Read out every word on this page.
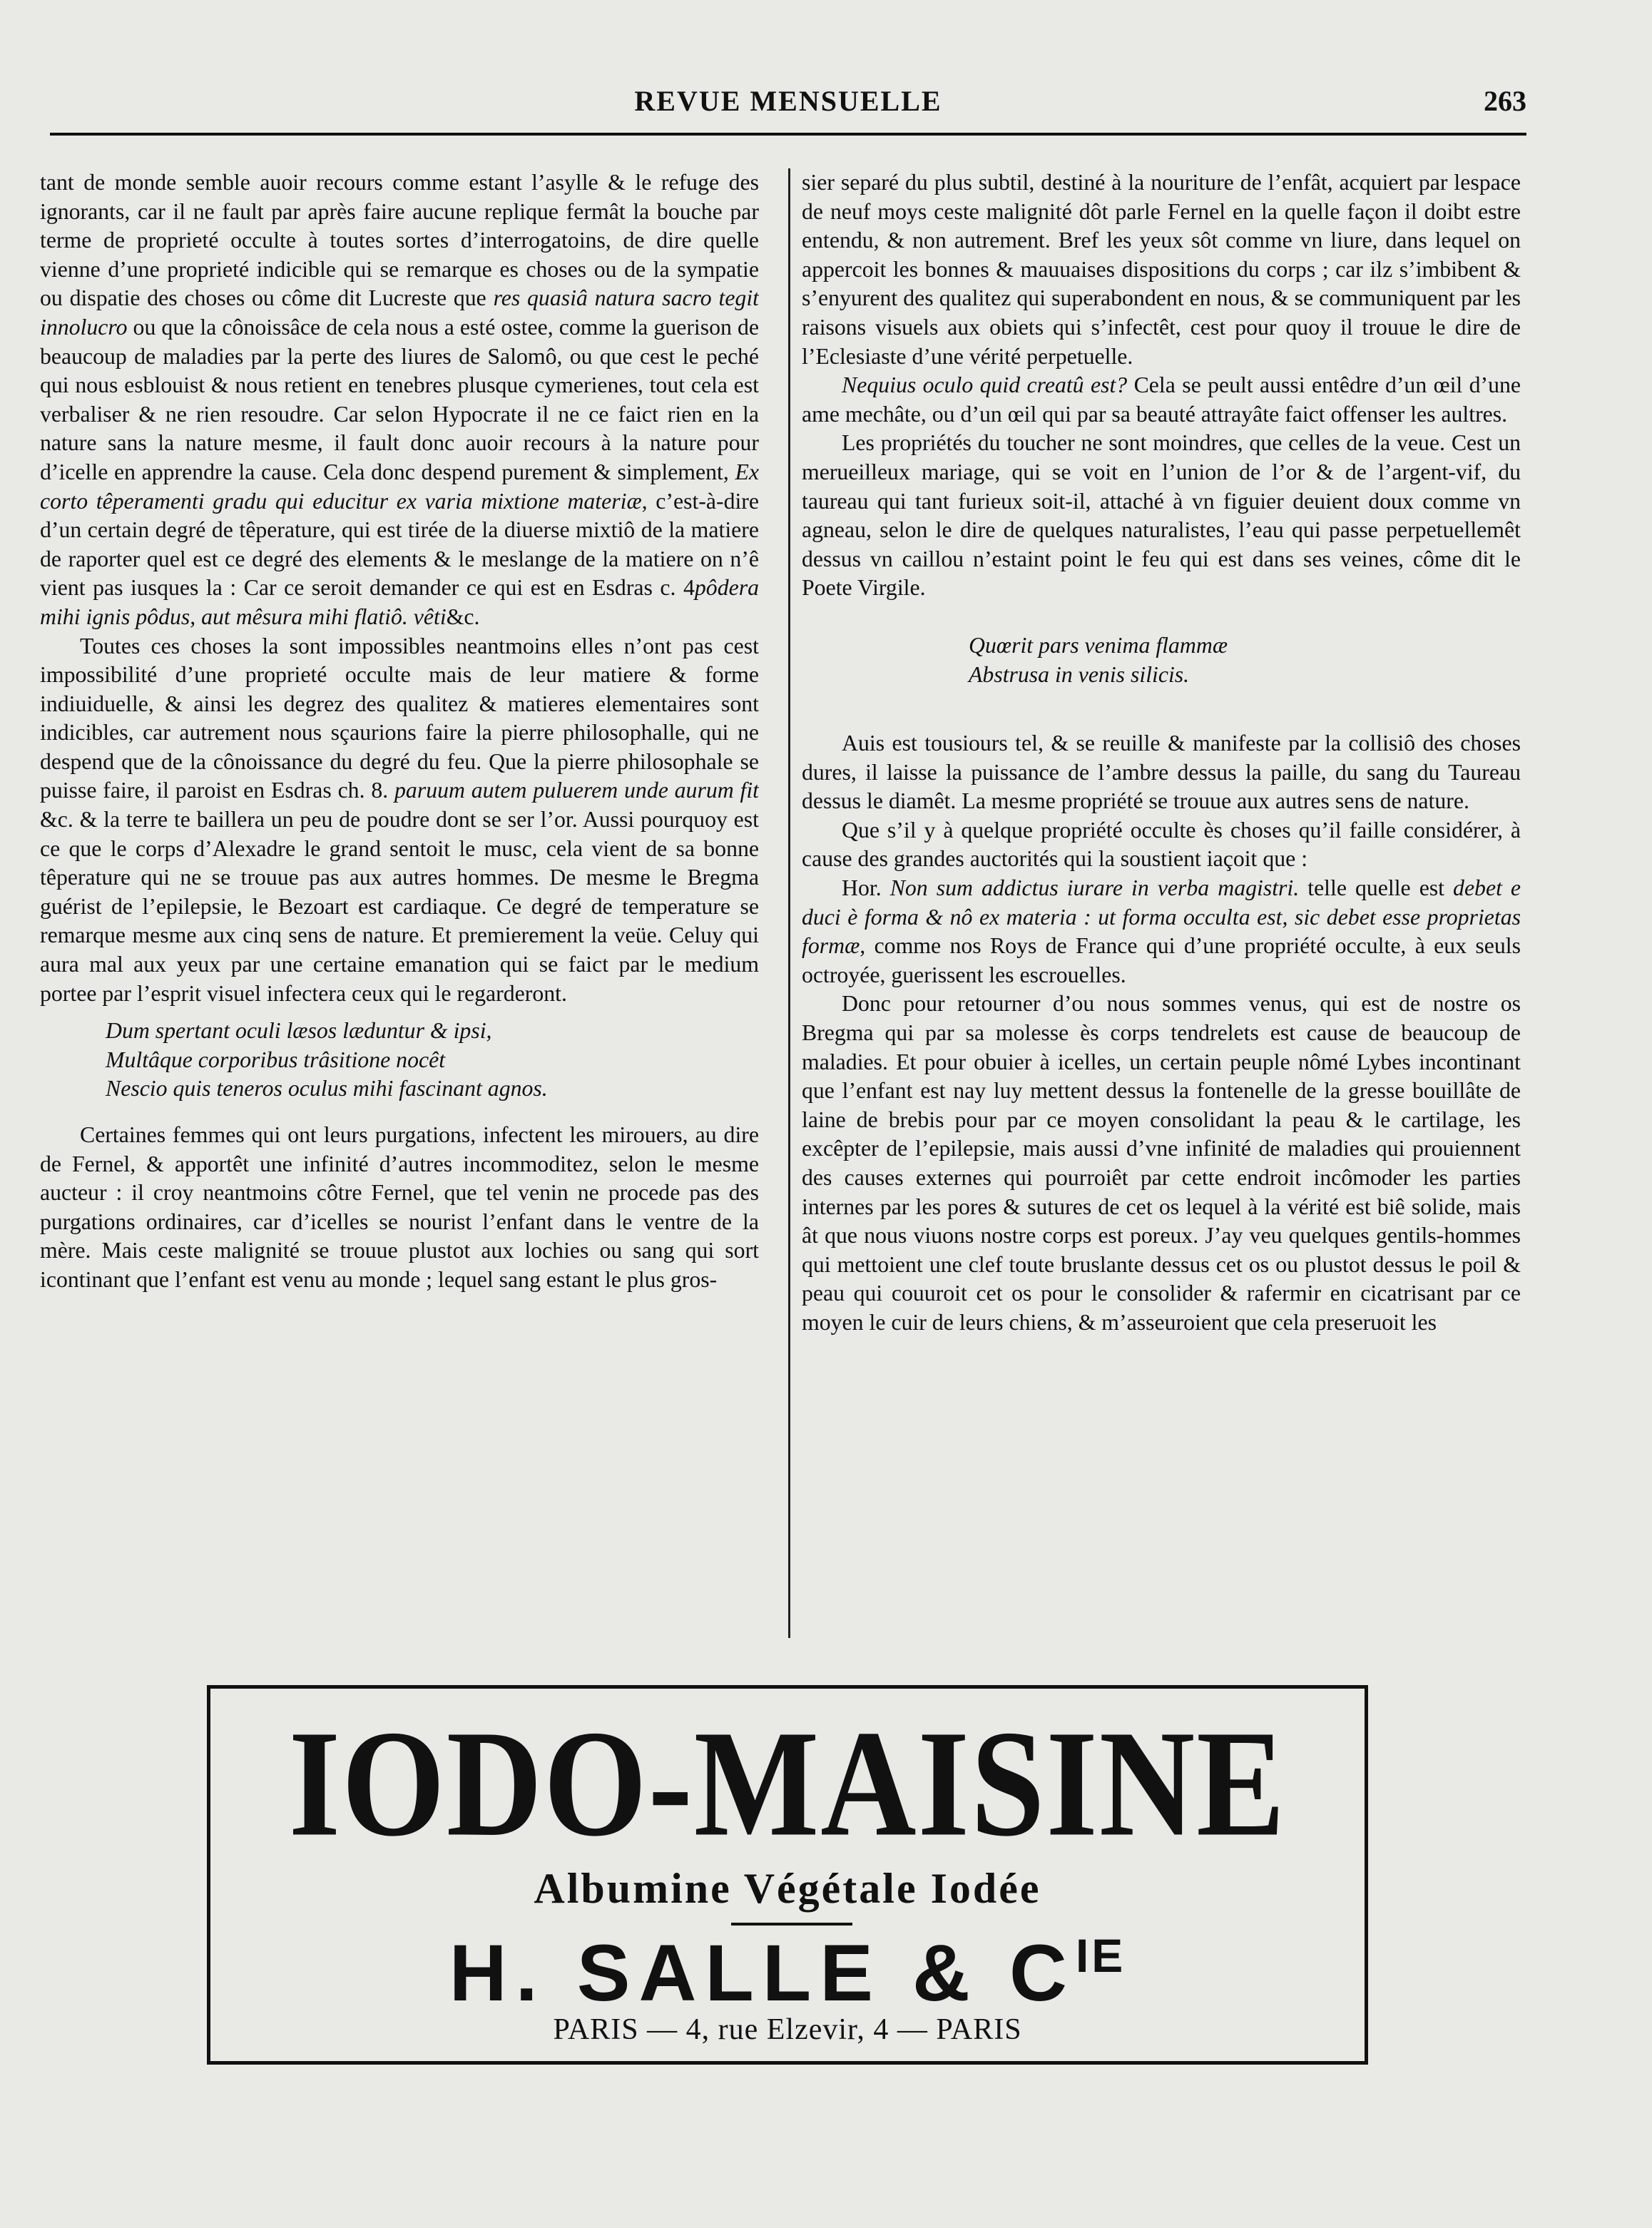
REVUE MENSUELLE	263

tant de monde semble auoir recours comme estant l’asylle & le refuge des ignorants, car il ne fault par après faire aucune replique fermât la bouche par terme de proprieté occulte à toutes sortes d’interrogatoins, de dire quelle vienne d’une proprieté indicible qui se remarque es choses ou de la sympatie ou dispatie des choses ou côme dit Lucreste que res quasiâ natura sacro tegit innolucro ou que la cônoissâce de cela nous a esté ostee, comme la guerison de beaucoup de maladies par la perte des liures de Salomô, ou que cest le peché qui nous esblouist & nous retient en tenebres plusque cymerienes, tout cela est verbaliser & ne rien resoudre. Car selon Hypocrate il ne ce faict rien en la nature sans la nature mesme, il fault donc auoir recours à la nature pour d’icelle en apprendre la cause. Cela donc despend purement & simplement, Ex corto têperamenti gradu qui educitur ex varia mixtione materiæ, c’est-à-dire d’un certain degré de têperature, qui est tirée de la diuerse mixtiô de la matiere de raporter quel est ce degré des elements & le meslange de la matiere on n’ê vient pas iusques la : Car ce seroit demander ce qui est en Esdras c. 4pôdera mihi ignis pôdus, aut mêsura mihi flatiô. vêti&c.

Toutes ces choses la sont impossibles neantmoins elles n’ont pas cest impossibilité d’une proprieté occulte mais de leur matiere & forme indiuiduelle, & ainsi les degrez des qualitez & matieres elementaires sont indicibles, car autrement nous sçaurions faire la pierre philosophalle, qui ne despend que de la cônoissance du degré du feu. Que la pierre philosophale se puisse faire, il paroist en Esdras ch. 8. paruum autem puluerem unde aurum fit &c. & la terre te baillera un peu de poudre dont se ser l’or. Aussi pourquoy est ce que le corps d’Alexadre le grand sentoit le musc, cela vient de sa bonne têperature qui ne se trouue pas aux autres hommes. De mesme le Bregma guérist de l’epilepsie, le Bezoart est cardiaque. Ce degré de temperature se remarque mesme aux cinq sens de nature. Et premierement la veüe. Celuy qui aura mal aux yeux par une certaine emanation qui se faict par le medium portee par l’esprit visuel infectera ceux qui le regarderont.

Dum spertant oculi læsos læduntur & ipsi,
Multâque corporibus trâsitione nocêt
Nescio quis teneros oculus mihi fascinant agnos.

Certaines femmes qui ont leurs purgations, infectent les mirouers, au dire de Fernel, & apportêt une infinité d’autres incommoditez, selon le mesme aucteur : il croy neantmoins côtre Fernel, que tel venin ne procede pas des purgations ordinaires, car d’icelles se nourist l’enfant dans le ventre de la mère. Mais ceste malignité se trouue plustot aux lochies ou sang qui sort icontinant que l’enfant est venu au monde ; lequel sang estant le plus gros-

sier separé du plus subtil, destiné à la nouriture de l’enfât, acquiert par lespace de neuf moys ceste malignité dôt parle Fernel en la quelle façon il doibt estre entendu, & non autrement. Bref les yeux sôt comme vn liure, dans lequel on appercoit les bonnes & mauuaises dispositions du corps ; car ilz s’imbibent & s’enyurent des qualitez qui superabondent en nous, & se communiquent par les raisons visuels aux obiets qui s’infectêt, cest pour quoy il trouue le dire de l’Eclesiaste d’une vérité perpetuelle.

Nequius oculo quid creatû est? Cela se peult aussi entêdre d’un œil d’une ame mechâte, ou d’un œil qui par sa beauté attrayâte faict offenser les aultres.

Les propriétés du toucher ne sont moindres, que celles de la veue. Cest un merueilleux mariage, qui se voit en l’union de l’or & de l’argent-vif, du taureau qui tant furieux soit-il, attaché à vn figuier deuient doux comme vn agneau, selon le dire de quelques naturalistes, l’eau qui passe perpetuellemêt dessus vn caillou n’estaint point le feu qui est dans ses veines, côme dit le Poete Virgile.

Quœrit pars venima flammæ
Abstrusa in venis silicis.

Auis est tousiours tel, & se reuille & manifeste par la collisiô des choses dures, il laisse la puissance de l’ambre dessus la paille, du sang du Taureau dessus le diamêt. La mesme propriété se trouue aux autres sens de nature.

Que s’il y à quelque propriété occulte ès choses qu’il faille considérer, à cause des grandes auctorités qui la soustient iaçoit que :

Hor. Non sum addictus iurare in verba magistri. telle quelle est debet e duci è forma & nô ex materia : ut forma occulta est, sic debet esse proprietas formæ, comme nos Roys de France qui d’une propriété occulte, à eux seuls octroyée, guerissent les escrouelles.

Donc pour retourner d’ou nous sommes venus, qui est de nostre os Bregma qui par sa molesse ès corps tendrelets est cause de beaucoup de maladies. Et pour obuier à icelles, un certain peuple nômé Lybes incontinant que l’enfant est nay luy mettent dessus la fontenelle de la gresse bouillâte de laine de brebis pour par ce moyen consolidant la peau & le cartilage, les excêpter de l’epilepsie, mais aussi d’vne infinité de maladies qui prouiennent des causes externes qui pourroiêt par cette endroit incômoder les parties internes par les pores & sutures de cet os lequel à la vérité est biê solide, mais ât que nous viuons nostre corps est poreux. J’ay veu quelques gentils-hommes qui mettoient une clef toute bruslante dessus cet os ou plustot dessus le poil & peau qui couuroit cet os pour le consolider & rafermir en cicatrisant par ce moyen le cuir de leurs chiens, & m’asseuroient que cela preseruoit les

IODO-MAISINE
Albumine Végétale Iodée
H. SALLE & $C^{IE}$
PARIS — 4, rue Elzevir, 4 — PARIS
